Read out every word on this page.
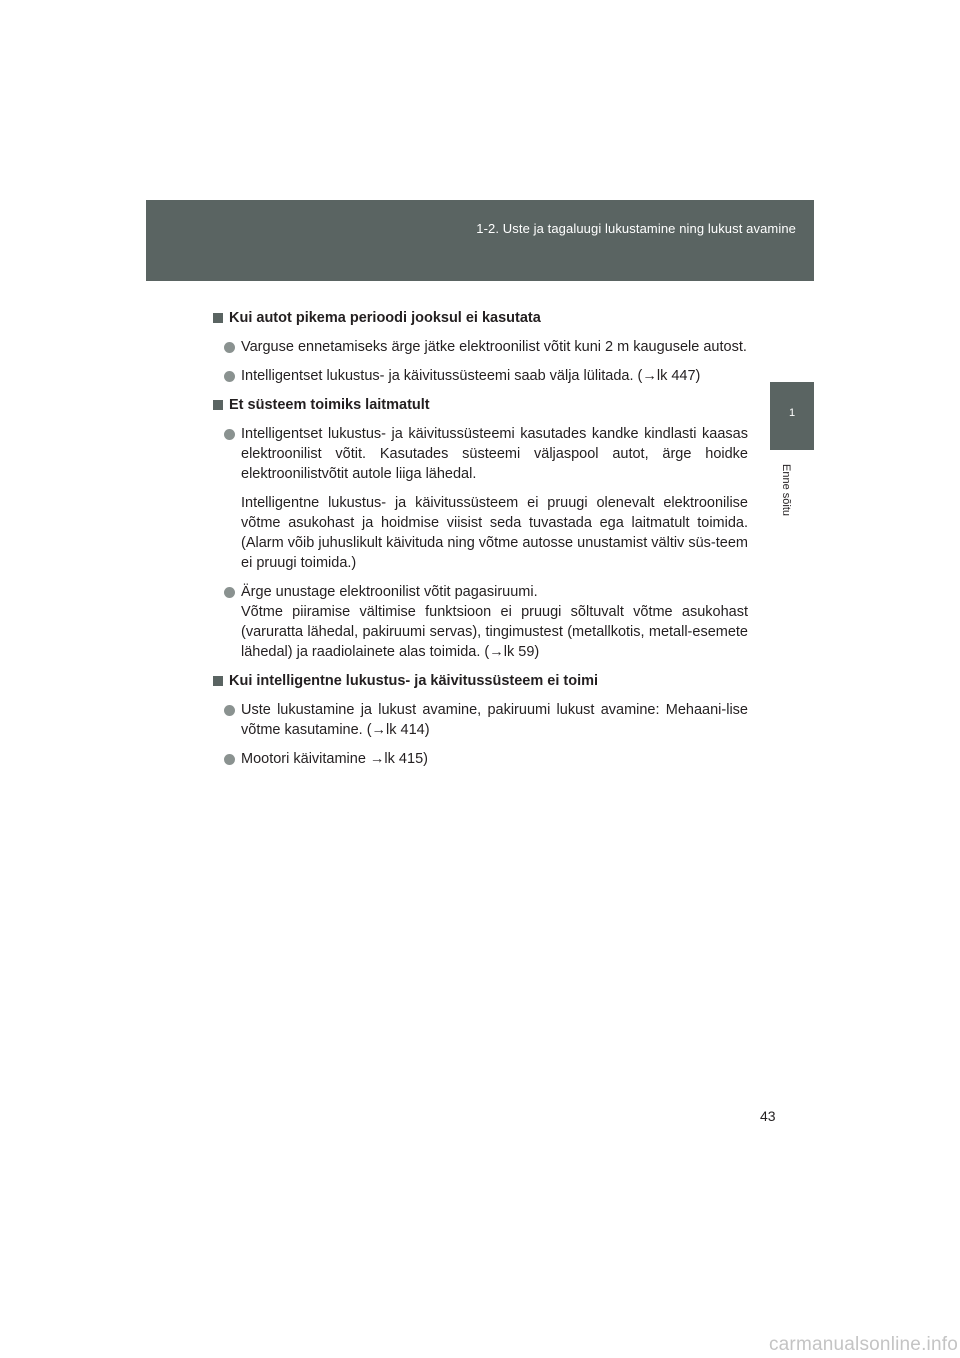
1-2. Uste ja tagaluugi lukustamine ning lukust avamine
1
Enne sõitu
Kui autot pikema perioodi jooksul ei kasutata
Varguse ennetamiseks ärge jätke elektroonilist võtit kuni 2 m kaugusele autost.
Intelligentset lukustus- ja käivitussüsteemi saab välja lülitada. (→lk 447)
Et süsteem toimiks laitmatult
Intelligentset lukustus- ja käivitussüsteemi kasutades kandke kindlasti kaasas elektroonilist võtit. Kasutades süsteemi väljaspool autot, ärge hoidke elektroonilistvõtit autole liiga lähedal.
Intelligentne lukustus- ja käivitussüsteem ei pruugi olenevalt elektroonilise võtme asukohast ja hoidmise viisist seda tuvastada ega laitmatult toimida. (Alarm võib juhuslikult käivituda ning võtme autosse unustamist vältiv süs-teem ei pruugi toimida.)
Ärge unustage elektroonilist võtit pagasiruumi.
Võtme piiramise vältimise funktsioon ei pruugi sõltuvalt võtme asukohast (varuratta lähedal, pakiruumi servas), tingimustest (metallkotis, metall-esemete lähedal) ja raadiolainete alas toimida. (→lk 59)
Kui intelligentne lukustus- ja käivitussüsteem ei toimi
Uste lukustamine ja lukust avamine, pakiruumi lukust avamine: Mehaani-lise võtme kasutamine. (→lk 414)
Mootori käivitamine →lk 415)
43
carmanualsonline.info
